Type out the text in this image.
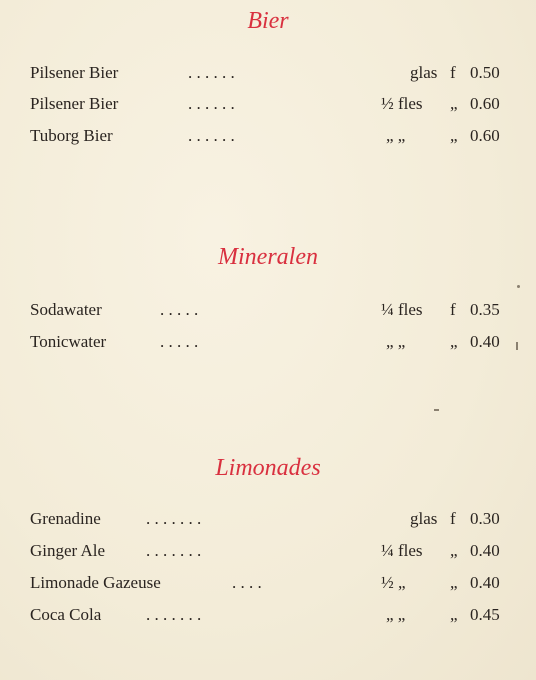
Bier
Pilsener Bier	. . . . . .	glas f 0.50
Pilsener Bier	. . . . . .	½ fles „ 0.60
Tuborg Bier	. . . . . .	„ „	„ 0.60
Mineralen
Sodawater	. . . . .	¼ fles f 0.35
Tonicwater	. . . . .	„ „	„ 0.40
Limonades
Grenadine	. . . . . . .	glas f 0.30
Ginger Ale . . . . . . .	¼ fles „ 0.40
Limonade Gazeuse	. . . .	½ „	„ 0.40
Coca Cola	. . . . . . .	„ „	„ 0.45
